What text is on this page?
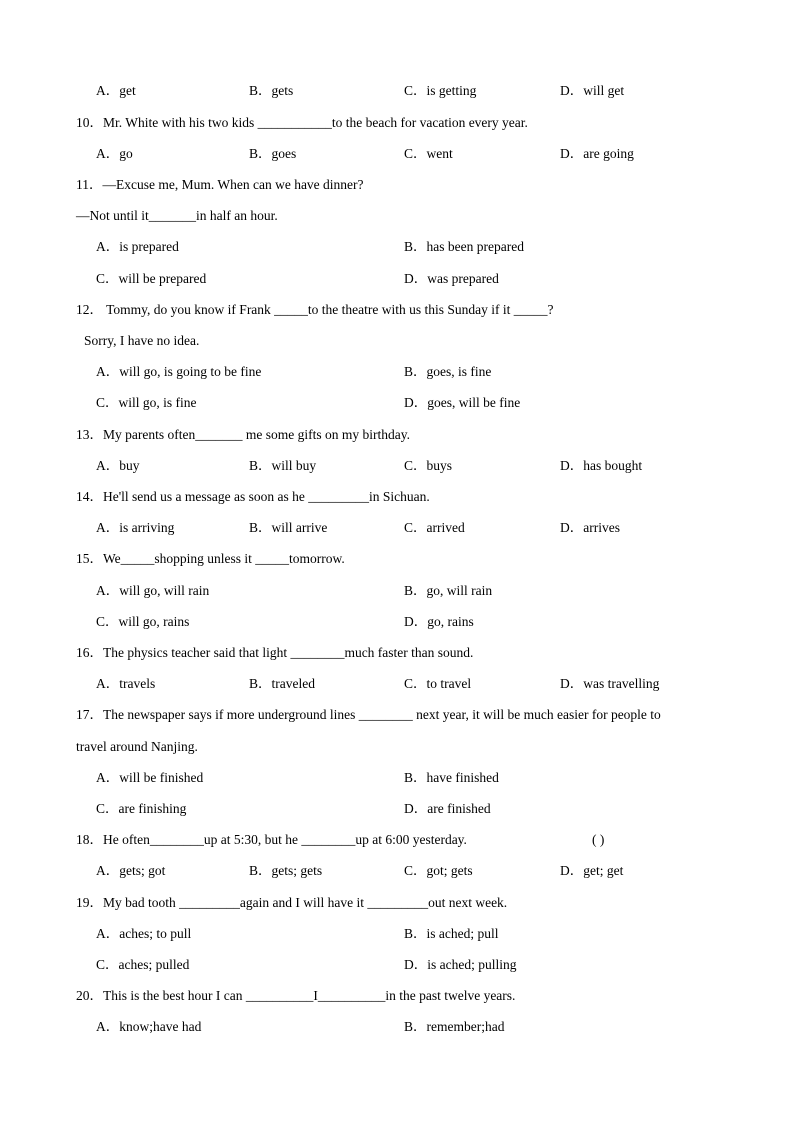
A．get	B．gets	C．is getting	D．will get
10．Mr. White with his two kids ___________to the beach for vacation every year.
A．go	B．goes	C．went	D．are going
11．—Excuse me, Mum. When can we have dinner?
—Not until it_______in half an hour.
A．is prepared	B．has been prepared
C．will be prepared	D．was prepared
12． Tommy, do you know if Frank _____to the theatre with us this Sunday if it _____?
Sorry, I have no idea.
A．will go, is going to be fine	B．goes, is fine
C．will go, is fine	D．goes, will be fine
13．My parents often_______ me some gifts on my birthday.
A．buy	B．will buy	C．buys	D．has bought
14．He'll send us a message as soon as he _________in Sichuan.
A．is arriving	B．will arrive	C．arrived	D．arrives
15．We_____shopping unless it _____tomorrow.
A．will go, will rain	B．go, will rain
C．will go, rains	D．go, rains
16．The physics teacher said that light ________much faster than sound.
A．travels	B．traveled	C．to travel	D．was travelling
17．The newspaper says if more underground lines ________ next year, it will be much easier for people to
travel around Nanjing.
A．will be finished	B．have finished
C．are finishing	D．are finished
18．He often________up at 5:30, but he ________up at 6:00 yesterday.	( )
A．gets; got	B．gets; gets	C．got; gets	D．get; get
19．My bad tooth _________again and I will have it _________out next week.
A．aches; to pull	B．is ached; pull
C．aches; pulled	D．is ached; pulling
20．This is the best hour I can __________I__________in the past twelve years.
A．know;have had	B．remember;had
